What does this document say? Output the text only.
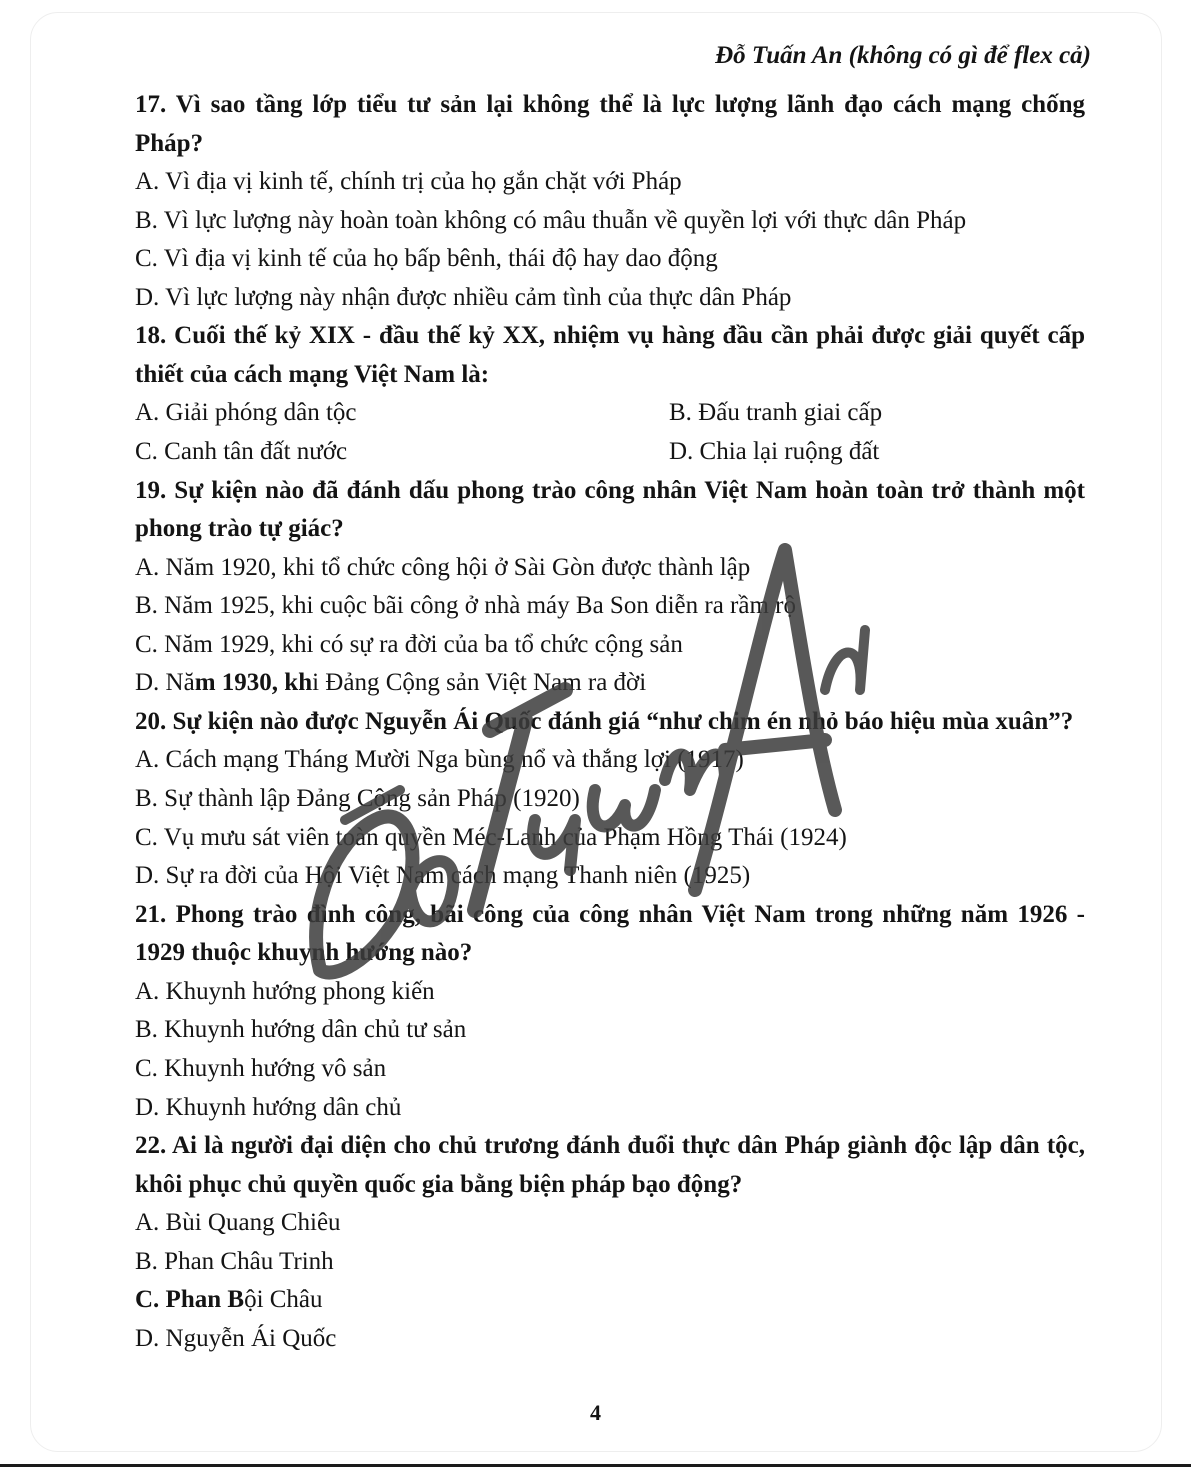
Đỗ Tuấn An (không có gì để flex cả)

17. Vì sao tầng lớp tiểu tư sản lại không thể là lực lượng lãnh đạo cách mạng chống Pháp?

A. Vì địa vị kinh tế, chính trị của họ gắn chặt với Pháp

B. Vì lực lượng này hoàn toàn không có mâu thuẫn về quyền lợi với thực dân Pháp

C. Vì địa vị kinh tế của họ bấp bênh, thái độ hay dao động

D. Vì lực lượng này nhận được nhiều cảm tình của thực dân Pháp

18. Cuối thế kỷ XIX - đầu thế kỷ XX, nhiệm vụ hàng đầu cần phải được giải quyết cấp thiết của cách mạng Việt Nam là:

A. Giải phóng dân tộc	B. Đấu tranh giai cấp

C. Canh tân đất nước	D. Chia lại ruộng đất

19. Sự kiện nào đã đánh dấu phong trào công nhân Việt Nam hoàn toàn trở thành một phong trào tự giác?

A. Năm 1920, khi tổ chức công hội ở Sài Gòn được thành lập

B. Năm 1925, khi cuộc bãi công ở nhà máy Ba Son diễn ra rầm rộ

C. Năm 1929, khi có sự ra đời của ba tổ chức cộng sản

D. Năm 1930, khi Đảng Cộng sản Việt Nam ra đời

20. Sự kiện nào được Nguyễn Ái Quốc đánh giá “như chim én nhỏ báo hiệu mùa xuân”?

A. Cách mạng Tháng Mười Nga bùng nổ và thắng lợi (1917)

B. Sự thành lập Đảng Cộng sản Pháp (1920)

C. Vụ mưu sát viên toàn quyền Méc-Lanh của Phạm Hồng Thái (1924)

D. Sự ra đời của Hội Việt Nam cách mạng Thanh niên (1925)

21. Phong trào đình công, bãi công của công nhân Việt Nam trong những năm 1926 - 1929 thuộc khuynh hướng nào?

A. Khuynh hướng phong kiến

B. Khuynh hướng dân chủ tư sản

C. Khuynh hướng vô sản

D. Khuynh hướng dân chủ

22. Ai là người đại diện cho chủ trương đánh đuổi thực dân Pháp giành độc lập dân tộc, khôi phục chủ quyền quốc gia bằng biện pháp bạo động?

A. Bùi Quang Chiêu

B. Phan Châu Trinh

C. Phan Bội Châu

D. Nguyễn Ái Quốc

4
